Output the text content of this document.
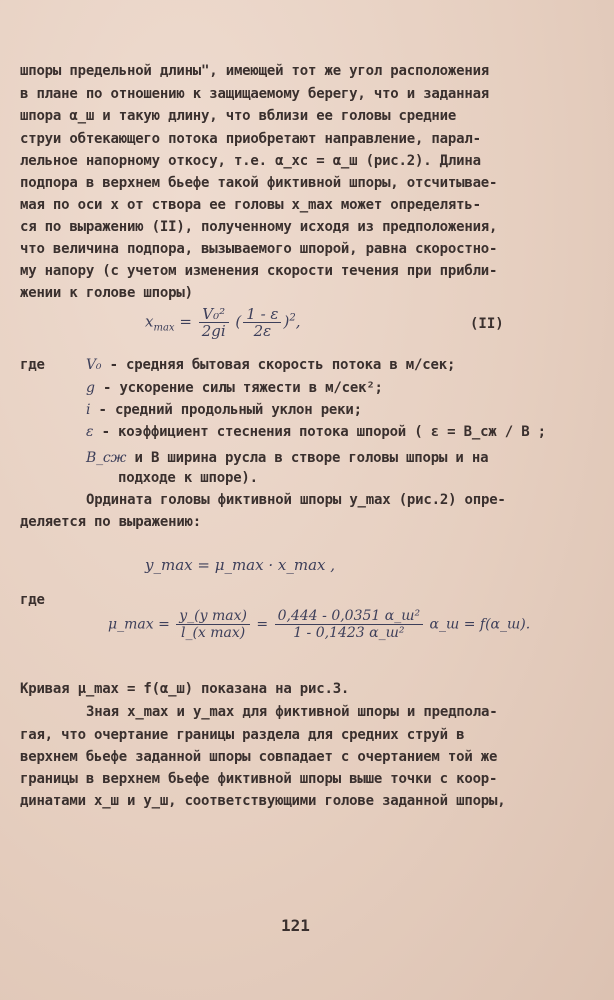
шпоры предельной длины", имеющей тот же угол расположения
в плане по отношению к защищаемому берегу, что и заданная
шпора α_ш и такую длину, что вблизи ее головы средние
струи обтекающего потока приобретают направление, парал-
лельное напорному откосу, т.е. α_хс = α_ш (рис.2). Длина
подпора в верхнем бьефе такой фиктивной шпоры, отсчитывае-
мая по оси x от створа ее головы x_max может определять-
ся по выражению (II), полученному исходя из предположения,
что величина подпора, вызываемого шпорой, равна скоростно-
му напору (с учетом изменения скорости течения при прибли-
жении к голове шпоры)
$x_{max} = \frac{\text{V₀²}}{2gi}$ ( $\frac{1 - \varepsilon}{2\varepsilon} )^2$,	(II)
где	V₀ - средняя бытовая скорость потока в м/сек;
g - ускорение силы тяжести в м/сек²;
i - средний продольный уклон реки;
ε - коэффициент стеснения потока шпорой ( ε = B_сж / B ;
B_сж и B ширина русла в створе головы шпоры и на
подходе к шпоре).
Ордината головы фиктивной шпоры y_max (рис.2) опре-
деляется по выражению:
y_max = μ_max · x_max ,
где
μ_max = $\frac{\text{y\_(y max)}}{\text{l\_(x max)}} = \frac{\text{0,444 - 0,0351 α\_ш²}}{\text{1 - 0,1423 α\_ш²}}$ α_ш = f(α_ш).
Кривая μ_max = f(α_ш) показана на рис.3.
Зная x_max и y_max для фиктивной шпоры и предпола-
гая, что очертание границы раздела для средних струй в
верхнем бьефе заданной шпоры совпадает с очертанием той же
границы в верхнем бьефе фиктивной шпоры выше точки с коор-
динатами x_ш и y_ш, соответствующими голове заданной шпоры,
121
